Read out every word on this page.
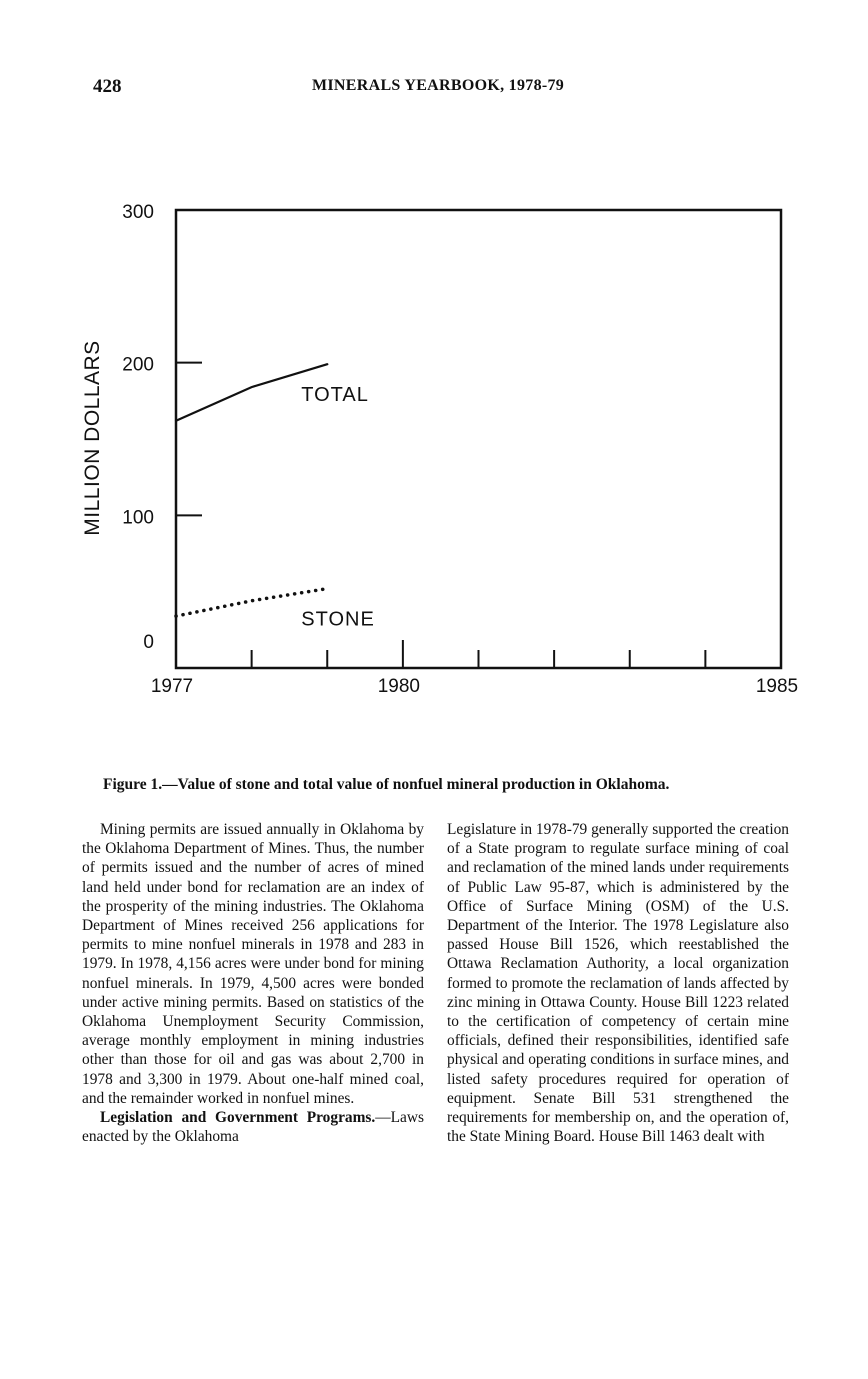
428	MINERALS YEARBOOK, 1978-79
0
100
200
300
1977	1980	1985
MILLION DOLLARS	TOTAL
STONE
Figure 1.—Value of stone and total value of nonfuel mineral production in Oklahoma.

Mining permits are issued annually in Oklahoma by the Oklahoma Department of Mines. Thus, the number of permits issued and the number of acres of mined land held under bond for reclamation are an index of the prosperity of the mining industries. The Oklahoma Department of Mines received 256 applications for permits to mine nonfuel minerals in 1978 and 283 in 1979. In 1978, 4,156 acres were under bond for mining nonfuel minerals. In 1979, 4,500 acres were bonded under active mining permits. Based on statistics of the Oklahoma Unemployment Security Commission, average monthly employment in mining industries other than those for oil and gas was about 2,700 in 1978 and 3,300 in 1979. About one-half mined coal, and the remainder worked in nonfuel mines.

Legislation and Government Programs.—Laws enacted by the Oklahoma

Legislature in 1978-79 generally supported the creation of a State program to regulate surface mining of coal and reclamation of the mined lands under requirements of Public Law 95-87, which is administered by the Office of Surface Mining (OSM) of the U.S. Department of the Interior. The 1978 Legislature also passed House Bill 1526, which reestablished the Ottawa Reclamation Authority, a local organization formed to promote the reclamation of lands affected by zinc mining in Ottawa County. House Bill 1223 related to the certification of competency of certain mine officials, defined their responsibilities, identified safe physical and operating conditions in surface mines, and listed safety procedures required for operation of equipment. Senate Bill 531 strengthened the requirements for membership on, and the operation of, the State Mining Board. House Bill 1463 dealt with
